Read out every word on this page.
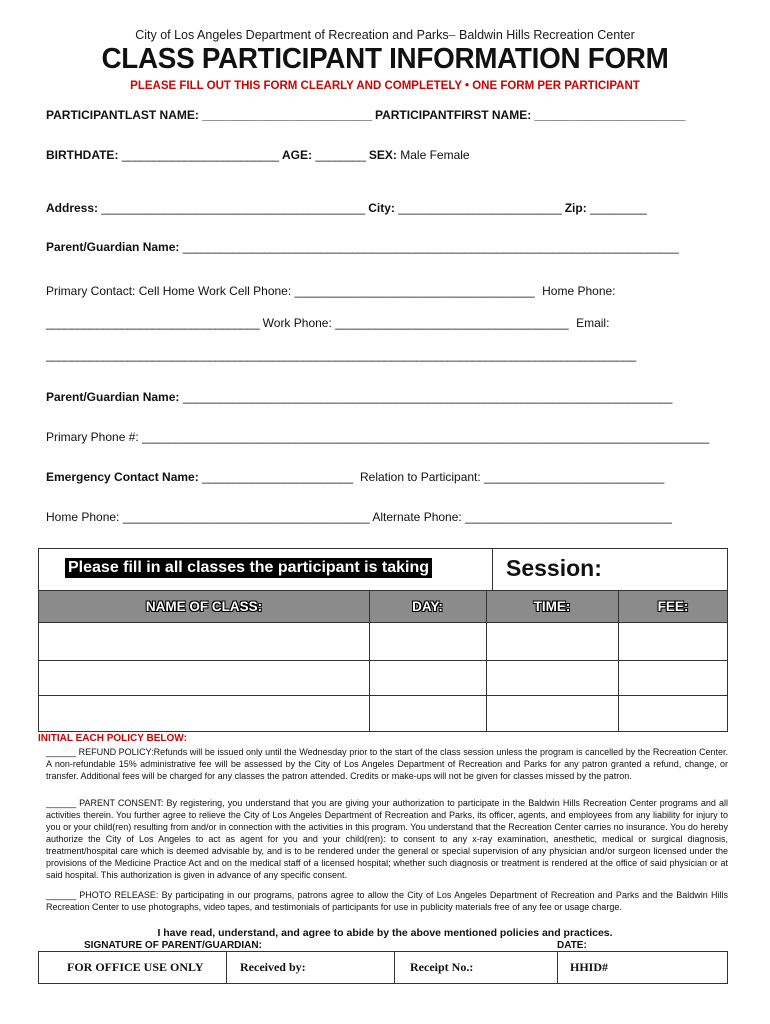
City of Los Angeles Department of Recreation and Parks– Baldwin Hills Recreation Center
CLASS PARTICIPANT INFORMATION FORM
PLEASE FILL OUT THIS FORM CLEARLY AND COMPLETELY • ONE FORM PER PARTICIPANT
PARTICIPANTLAST NAME: ___________________________ PARTICIPANTFIRST NAME: ________________________
BIRTHDATE: _________________________ AGE: ________ SEX: Male Female
Address: __________________________________________ City: __________________________ Zip: _________
Parent/Guardian Name: _______________________________________________________________________________
Primary Contact: Cell Home Work Cell Phone: ____________________________________ Home Phone:
__________________________________ Work Phone: ___________________________________ Email:
______________________________________________________________________________________________
Parent/Guardian Name: ______________________________________________________________________________
Primary Phone #: _____________________________________________________________________________________
Emergency Contact Name: ________________________ Relation to Participant: ___________________________
Home Phone: _____________________________________ Alternate Phone: _______________________________
Please fill in all classes the participant is taking	Session:
NAME OF CLASS:	DAY:	TIME:	FEE:
INITIAL EACH POLICY BELOW:
______ REFUND POLICY:Refunds will be issued only until the Wednesday prior to the start of the class session unless the program is cancelled by the Recreation Center. A non-refundable 15% administrative fee will be assessed by the City of Los Angeles Department of Recreation and Parks for any patron granted a refund, change, or transfer. Additional fees will be charged for any classes the patron attended. Credits or make-ups will not be given for classes missed by the patron.
______ PARENT CONSENT: By registering, you understand that you are giving your authorization to participate in the Baldwin Hills Recreation Center programs and all activities therein. You further agree to relieve the City of Los Angeles Department of Recreation and Parks, its officer, agents, and employees from any liability for injury to you or your child(ren) resulting from and/or in connection with the activities in this program. You understand that the Recreation Center carries no insurance. You do hereby authorize the City of Los Angeles to act as agent for you and your child(ren): to consent to any x-ray examination, anesthetic, medical or surgical diagnosis, treatment/hospital care which is deemed advisable by, and is to be rendered under the general or special supervision of any physician and/or surgeon licensed under the provisions of the Medicine Practice Act and on the medical staff of a licensed hospital; whether such diagnosis or treatment is rendered at the office of said physician or at said hospital. This authorization is given in advance of any specific consent.
______ PHOTO RELEASE: By participating in our programs, patrons agree to allow the City of Los Angeles Department of Recreation and Parks and the Baldwin Hills Recreation Center to use photographs, video tapes, and testimonials of participants for use in publicity materials free of any fee or usage charge.
I have read, understand, and agree to abide by the above mentioned policies and practices.
SIGNATURE OF PARENT/GUARDIAN:	DATE:
FOR OFFICE USE ONLY	Received by:	Receipt No.:	HHID#
